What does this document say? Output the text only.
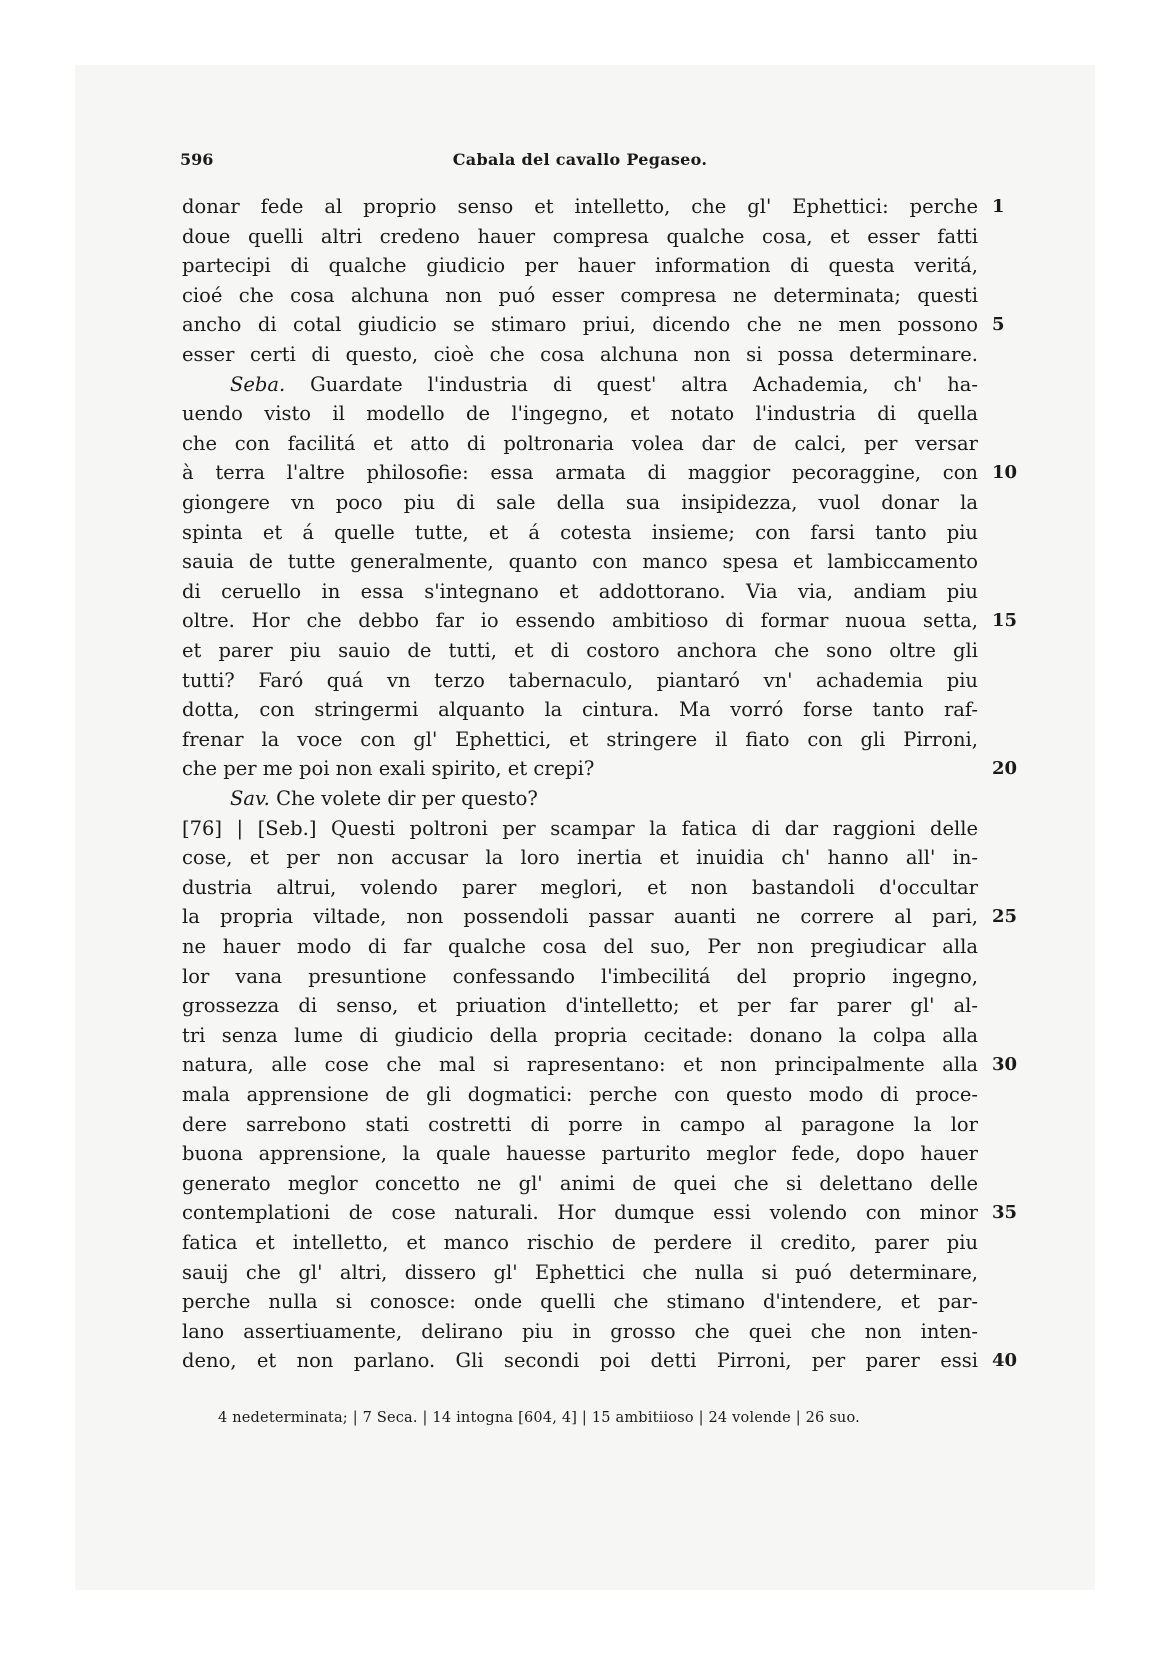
596	Cabala del cavallo Pegaseo.
donar fede al proprio senso et intelletto, che gl' Ephettici: perche 1
doue quelli altri credeno hauer compresa qualche cosa, et esser fatti
partecipi di qualche giudicio per hauer information di questa veritá,
cioé che cosa alchuna non puó esser compresa ne determinata; questi
ancho di cotal giudicio se stimaro priui, dicendo che ne men possono 5
esser certi di questo, cioè che cosa alchuna non si possa determinare.
Seba. Guardate l'industria di quest' altra Achademia, ch' ha-
uendo visto il modello de l'ingegno, et notato l'industria di quella
che con facilitá et atto di poltronaria volea dar de calci, per versar
à terra l'altre philosofie: essa armata di maggior pecoraggine, con 10
giongere vn poco piu di sale della sua insipidezza, vuol donar la
spinta et á quelle tutte, et á cotesta insieme; con farsi tanto piu
sauia de tutte generalmente, quanto con manco spesa et lambiccamento
di ceruello in essa s'integnano et addottorano. Via via, andiam piu
oltre. Hor che debbo far io essendo ambitioso di formar nuoua setta, 15
et parer piu sauio de tutti, et di costoro anchora che sono oltre gli
tutti? Faró quá vn terzo tabernaculo, piantaró vn' achademia piu
dotta, con stringermi alquanto la cintura. Ma vorró forse tanto raf-
frenar la voce con gl' Ephettici, et stringere il fiato con gli Pirroni,
che per me poi non exali spirito, et crepi?	20
Sav. Che volete dir per questo?
[76] | [Seb.] Questi poltroni per scampar la fatica di dar raggioni delle
cose, et per non accusar la loro inertia et inuidia ch' hanno all' in-
dustria altrui, volendo parer meglori, et non bastandoli d'occultar
la propria viltade, non possendoli passar auanti ne correre al pari, 25
ne hauer modo di far qualche cosa del suo, Per non pregiudicar alla
lor vana presuntione confessando l'imbecilitá del proprio ingegno,
grossezza di senso, et priuation d'intelletto; et per far parer gl' al-
tri senza lume di giudicio della propria cecitade: donano la colpa alla
natura, alle cose che mal si rapresentano: et non principalmente alla 30
mala apprensione de gli dogmatici: perche con questo modo di proce-
dere sarrebono stati costretti di porre in campo al paragone la lor
buona apprensione, la quale hauesse parturito meglor fede, dopo hauer
generato meglor concetto ne gl' animi de quei che si delettano delle
contemplationi de cose naturali. Hor dumque essi volendo con minor 35
fatica et intelletto, et manco rischio de perdere il credito, parer piu
sauij che gl' altri, dissero gl' Ephettici che nulla si puó determinare,
perche nulla si conosce: onde quelli che stimano d'intendere, et par-
lano assertiuamente, delirano piu in grosso che quei che non inten-
deno, et non parlano. Gli secondi poi detti Pirroni, per parer essi 40
4 nedeterminata; | 7 Seca. | 14 intogna [604, 4] | 15 ambitiioso | 24 volende | 26 suo.
